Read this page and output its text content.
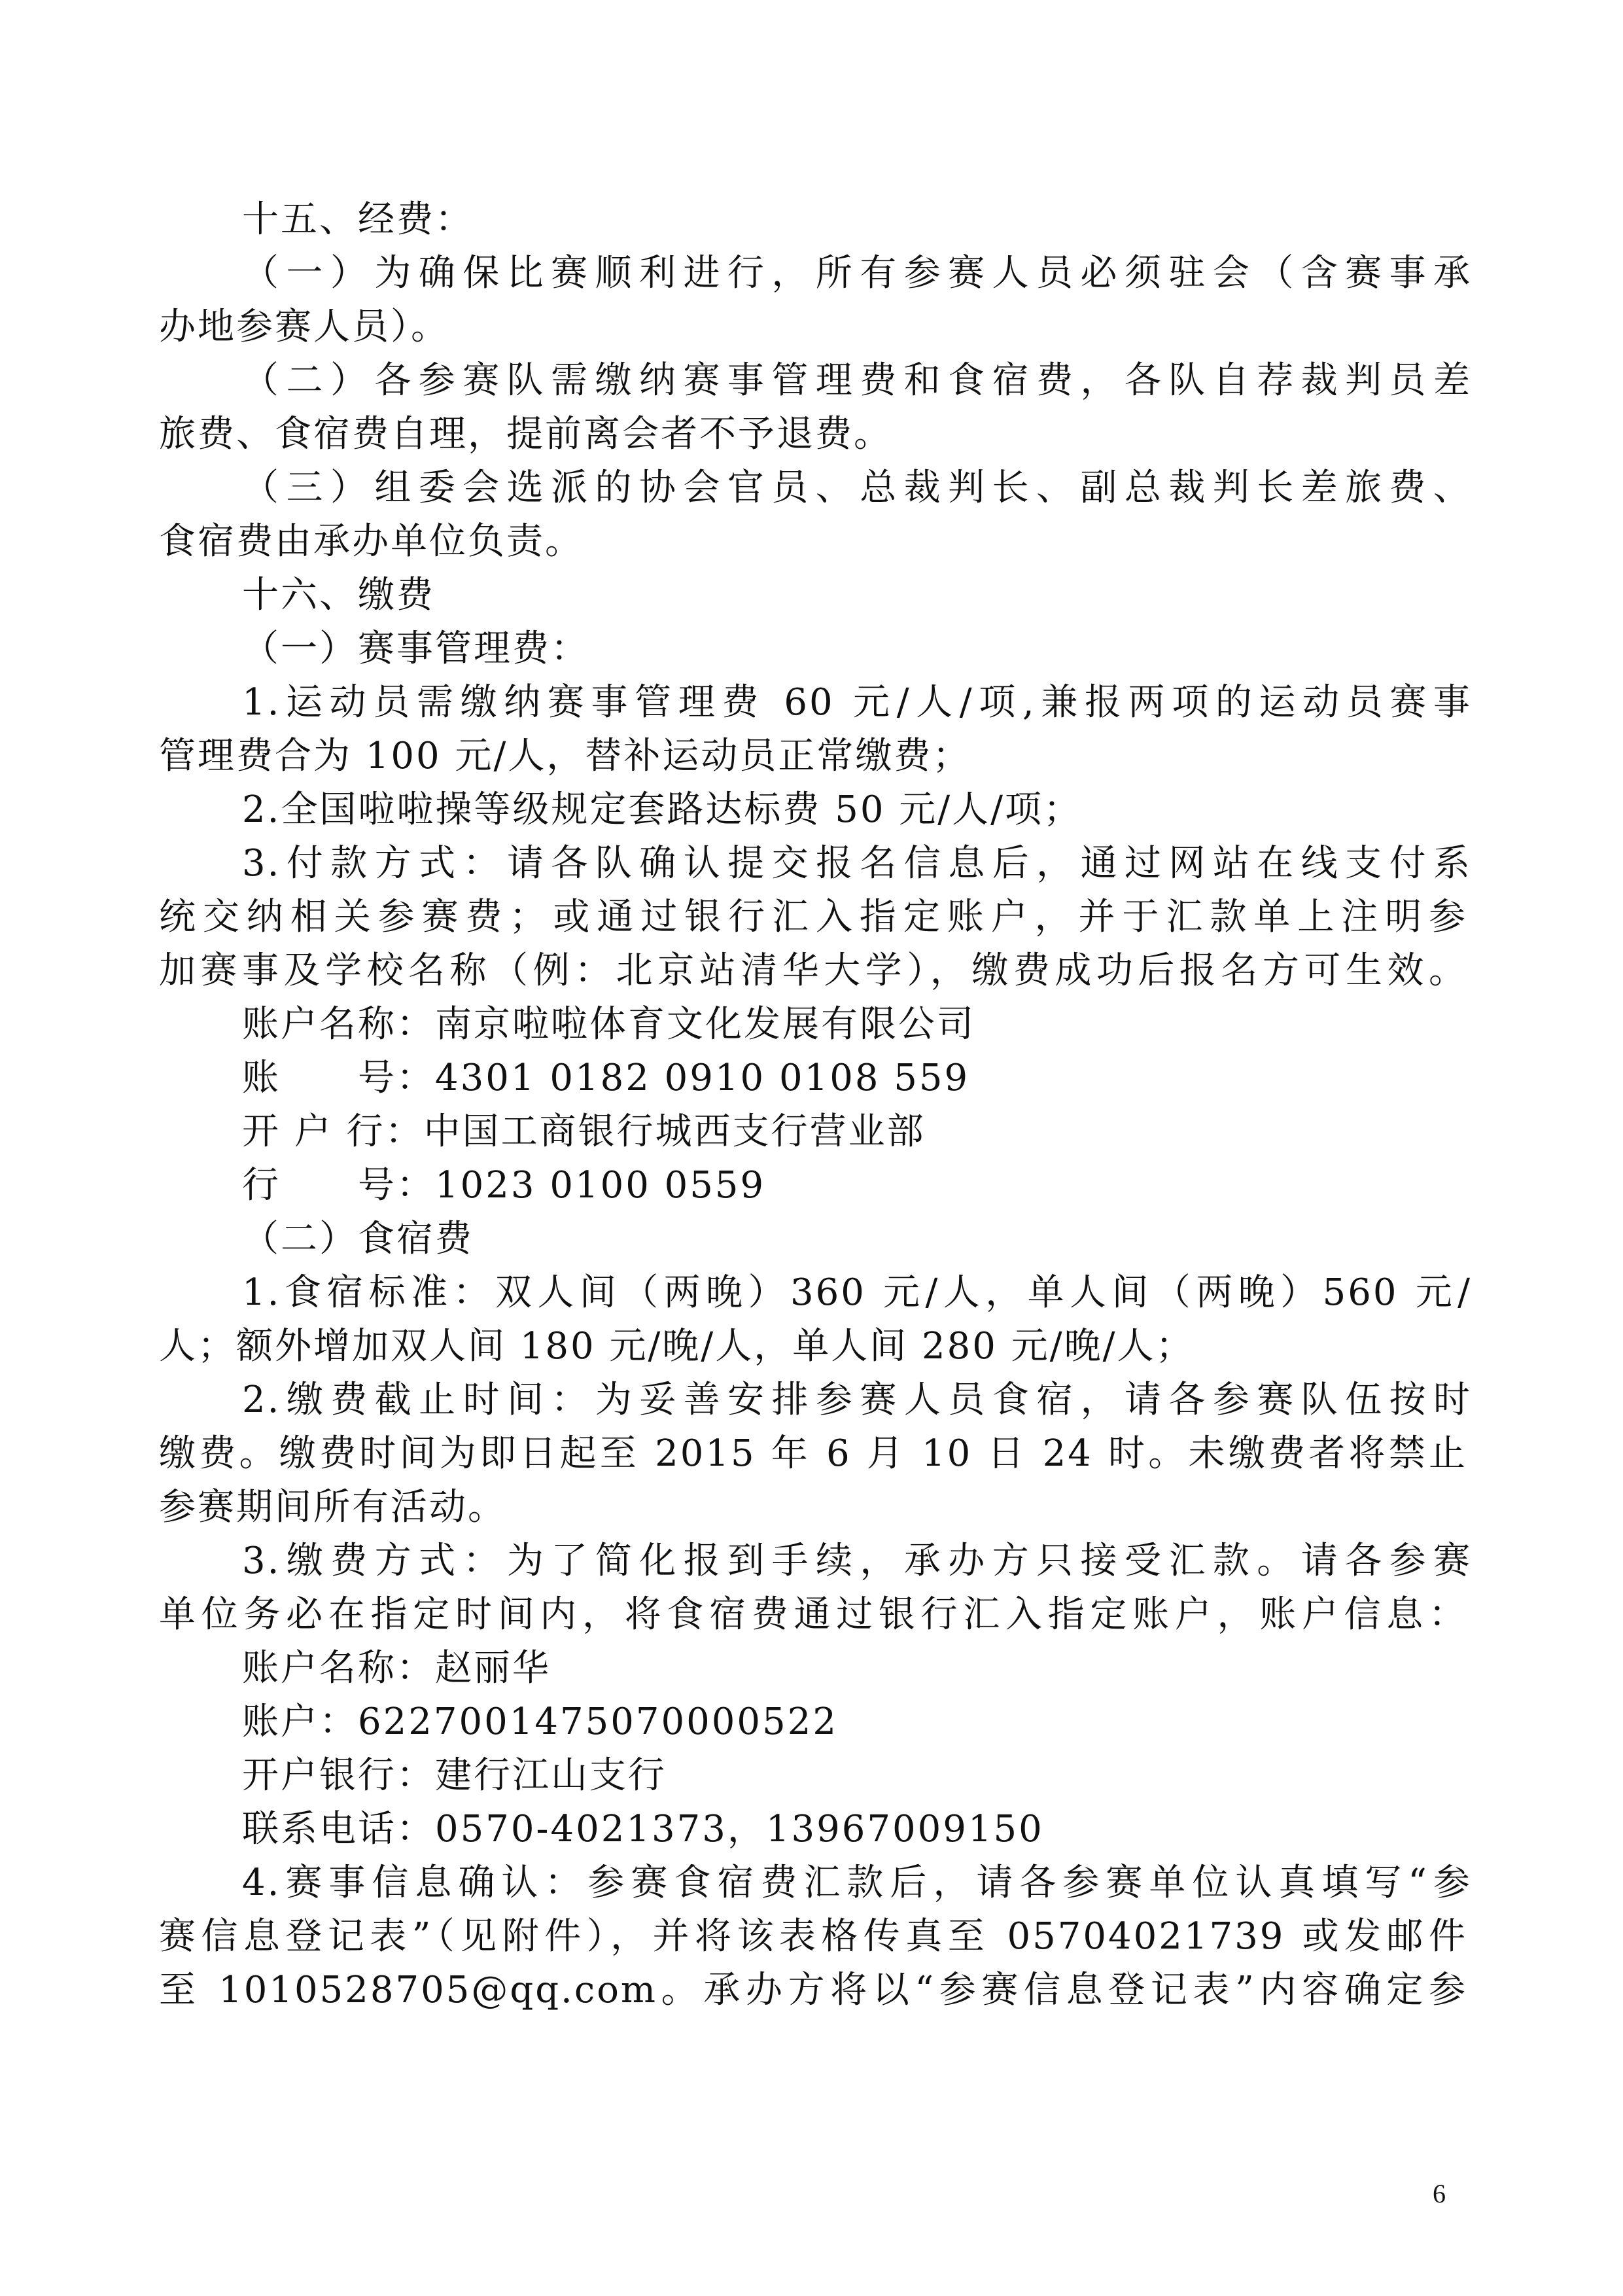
十五、经费：
（一）为确保比赛顺利进行，所有参赛人员必须驻会（含赛事承
办地参赛人员）。
（二）各参赛队需缴纳赛事管理费和食宿费，各队自荐裁判员差
旅费、食宿费自理，提前离会者不予退费。
（三）组委会选派的协会官员、总裁判长、副总裁判长差旅费、
食宿费由承办单位负责。
十六、缴费
（一）赛事管理费：
1.运动员需缴纳赛事管理费 60 元/人/项,兼报两项的运动员赛事
管理费合为 100 元/人，替补运动员正常缴费；
2.全国啦啦操等级规定套路达标费 50 元/人/项；
3.付款方式：请各队确认提交报名信息后，通过网站在线支付系
统交纳相关参赛费；或通过银行汇入指定账户，并于汇款单上注明参
加赛事及学校名称（例：北京站清华大学），缴费成功后报名方可生效。
账户名称：南京啦啦体育文化发展有限公司
账　　号：4301 0182 0910 0108 559
开 户 行：中国工商银行城西支行营业部
行　　号：1023 0100 0559
（二）食宿费
1.食宿标准：双人间（两晚）360 元/人，单人间（两晚）560 元/
人；额外增加双人间 180 元/晚/人，单人间 280 元/晚/人；
2.缴费截止时间：为妥善安排参赛人员食宿，请各参赛队伍按时
缴费。缴费时间为即日起至 2015 年 6 月 10 日 24 时。未缴费者将禁止
参赛期间所有活动。
3.缴费方式：为了简化报到手续，承办方只接受汇款。请各参赛
单位务必在指定时间内，将食宿费通过银行汇入指定账户，账户信息：
账户名称：赵丽华
账户：6227001475070000522
开户银行：建行江山支行
联系电话：0570-4021373，13967009150
4.赛事信息确认：参赛食宿费汇款后，请各参赛单位认真填写“参
赛信息登记表”（见附件），并将该表格传真至 05704021739 或发邮件
至 1010528705@qq.com。承办方将以“参赛信息登记表”内容确定参
6
